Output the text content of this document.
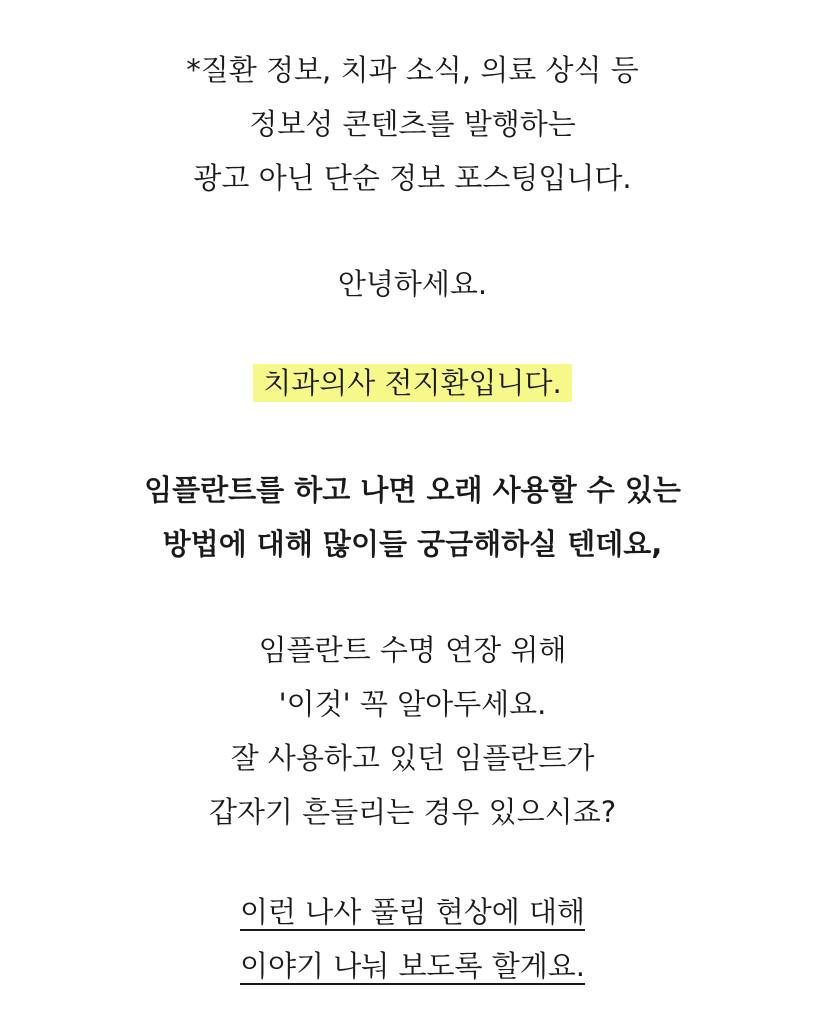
*질환 정보, 치과 소식, 의료 상식 등
정보성 콘텐츠를 발행하는
광고 아닌 단순 정보 포스팅입니다.
안녕하세요.
치과의사 전지환입니다.
임플란트를 하고 나면 오래 사용할 수 있는
방법에 대해 많이들 궁금해하실 텐데요,
임플란트 수명 연장 위해
'이것' 꼭 알아두세요.
잘 사용하고 있던 임플란트가
갑자기 흔들리는 경우 있으시죠?
이런 나사 풀림 현상에 대해
이야기 나눠 보도록 할게요.
